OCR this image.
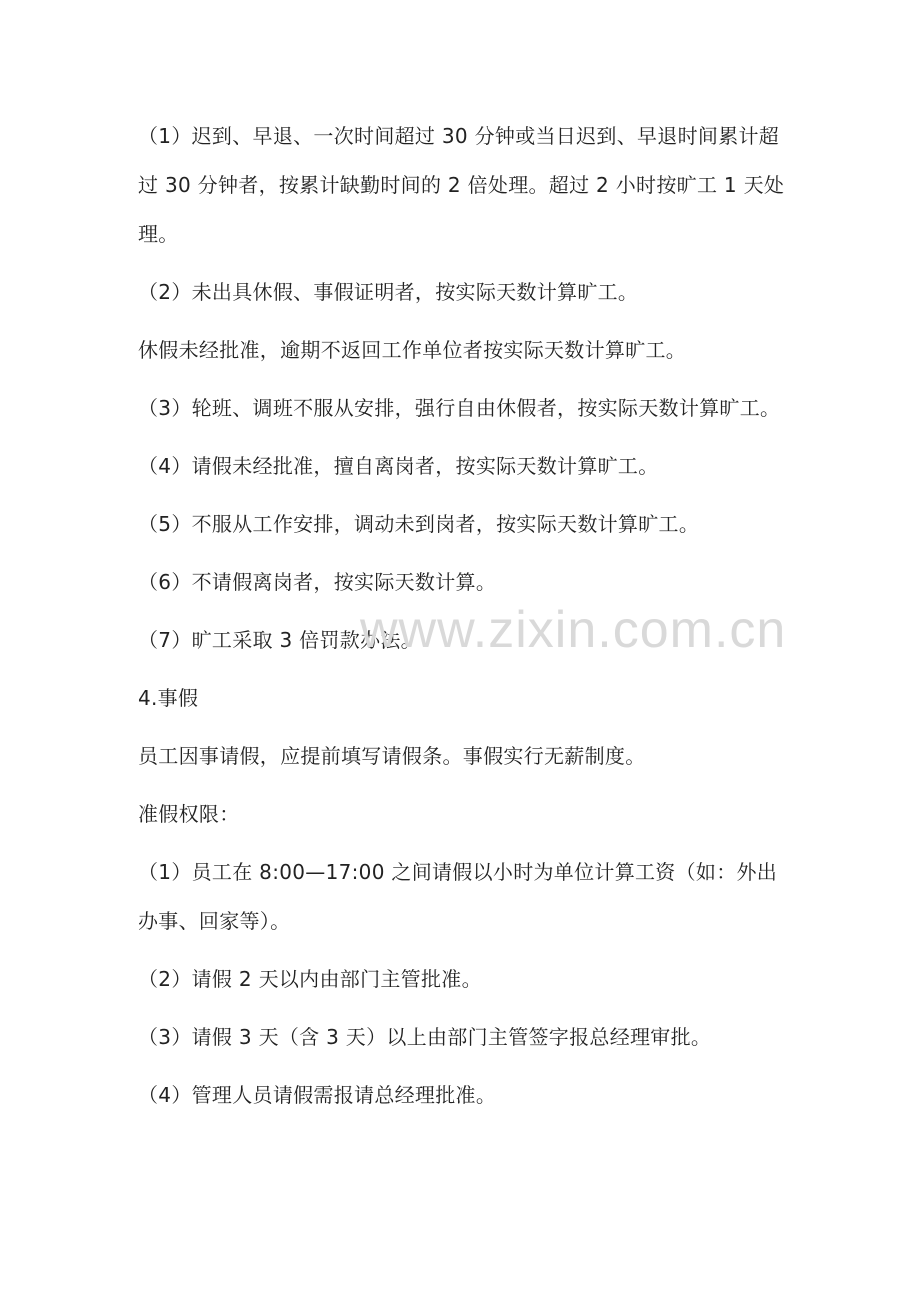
（1）迟到、早退、一次时间超过 30 分钟或当日迟到、早退时间累计超过 30 分钟者，按累计缺勤时间的 2 倍处理。超过 2 小时按旷工 1 天处理。

（2）未出具休假、事假证明者，按实际天数计算旷工。

休假未经批准，逾期不返回工作单位者按实际天数计算旷工。

（3）轮班、调班不服从安排，强行自由休假者，按实际天数计算旷工。

（4）请假未经批准，擅自离岗者，按实际天数计算旷工。

（5）不服从工作安排，调动未到岗者，按实际天数计算旷工。

（6）不请假离岗者，按实际天数计算。

（7）旷工采取 3 倍罚款办法。

4.事假

员工因事请假，应提前填写请假条。事假实行无薪制度。

准假权限：

（1）员工在 8:00—17:00 之间请假以小时为单位计算工资（如：外出办事、回家等）。

（2）请假 2 天以内由部门主管批准。

（3）请假 3 天（含 3 天）以上由部门主管签字报总经理审批。

（4）管理人员请假需报请总经理批准。

www.zixin.com.cn
